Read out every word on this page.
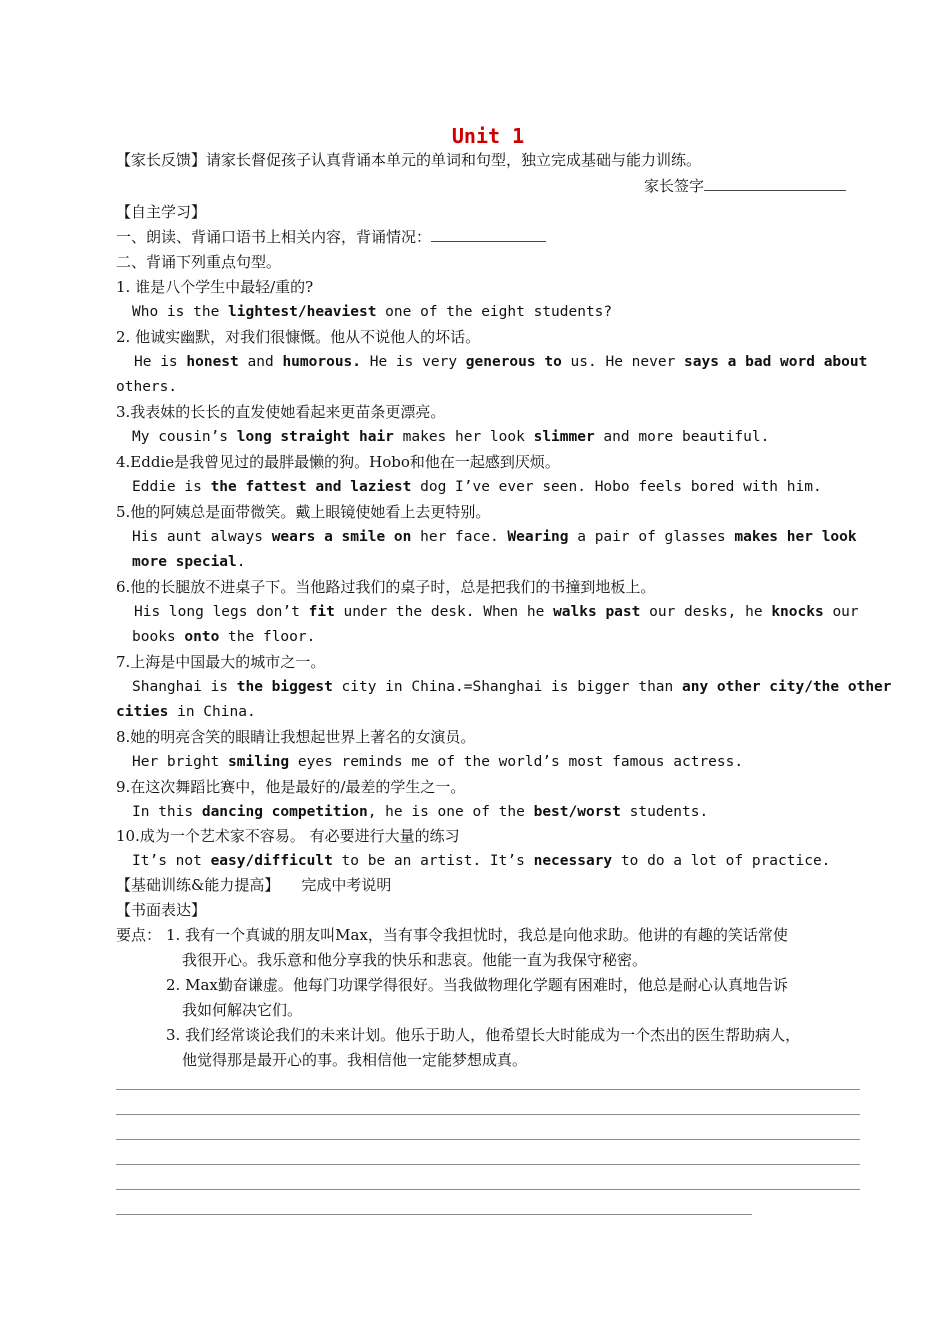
Unit 1
【家长反馈】请家长督促孩子认真背诵本单元的单词和句型，独立完成基础与能力训练。
家长签字
【自主学习】
一、朗读、背诵口语书上相关内容，背诵情况：
二、背诵下列重点句型。
1. 谁是八个学生中最轻/重的?
Who is the lightest/heaviest one of the eight students?
2. 他诚实幽默，对我们很慷慨。他从不说他人的坏话。
He is honest and humorous. He is very generous to us. He never says a bad word about
others.
3.我表妹的长长的直发使她看起来更苗条更漂亮。
My cousin’s long straight hair makes her look slimmer and more beautiful.
4.Eddie是我曾见过的最胖最懒的狗。Hobo和他在一起感到厌烦。
Eddie is the fattest and laziest dog I’ve ever seen. Hobo feels bored with him.
5.他的阿姨总是面带微笑。戴上眼镜使她看上去更特别。
His aunt always wears a smile on her face. Wearing a pair of glasses makes her look
more special.
6.他的长腿放不进桌子下。当他路过我们的桌子时，总是把我们的书撞到地板上。
His long legs don’t fit under the desk. When he walks past our desks, he knocks our
books onto the floor.
7.上海是中国最大的城市之一。
Shanghai is the biggest city in China.=Shanghai is bigger than any other city/the other
cities in China.
8.她的明亮含笑的眼睛让我想起世界上著名的女演员。
Her bright smiling eyes reminds me of the world’s most famous actress.
9.在这次舞蹈比赛中，他是最好的/最差的学生之一。
In this dancing competition, he is one of the best/worst students.
10.成为一个艺术家不容易。 有必要进行大量的练习
It’s not easy/difficult to be an artist. It’s necessary to do a lot of practice.
【基础训练&能力提高】 完成中考说明
【书面表达】
要点： 1. 我有一个真诚的朋友叫Max，当有事令我担忧时，我总是向他求助。他讲的有趣的笑话常使
我很开心。我乐意和他分享我的快乐和悲哀。他能一直为我保守秘密。
2. Max勤奋谦虚。他每门功课学得很好。当我做物理化学题有困难时，他总是耐心认真地告诉
我如何解决它们。
3. 我们经常谈论我们的未来计划。他乐于助人，他希望长大时能成为一个杰出的医生帮助病人，
他觉得那是最开心的事。我相信他一定能梦想成真。
